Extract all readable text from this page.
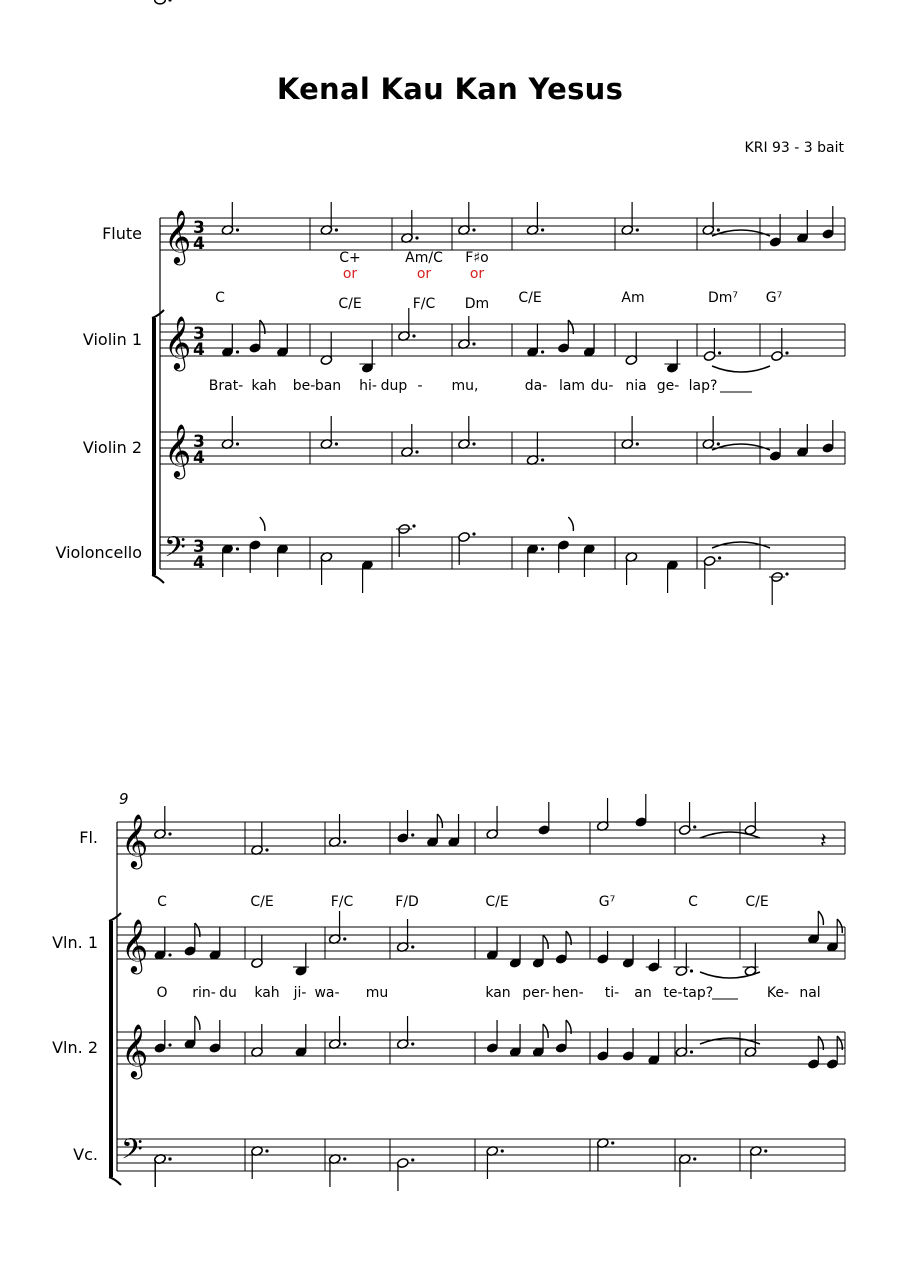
Kenal Kau Kan Yesus
KRI 93 - 3 bait
Flute
Violin 1
Violin 2
Violoncello
𝄞 3
4
𝄞 3
4
𝄞 3
4
𝄢 3
4
C
C+
or
C/E
Am/C
or
F/C
F♯o
or
Dm C/E	Am	Dm⁷ G⁷
Brat- kah be- ban hi- dup - mu,	da- lam du- nia ge- lap?
Fl.
Vln. 1
Vln. 2
Vc.
9
𝄞
𝄞
𝄞
𝄢
C	C/E	F/C	F/D	C/E	G⁷	C	C/E
O rin- du kah ji- wa- mu	kan per- hen- ti- an te- tap?	Ke- nal
𝄽
